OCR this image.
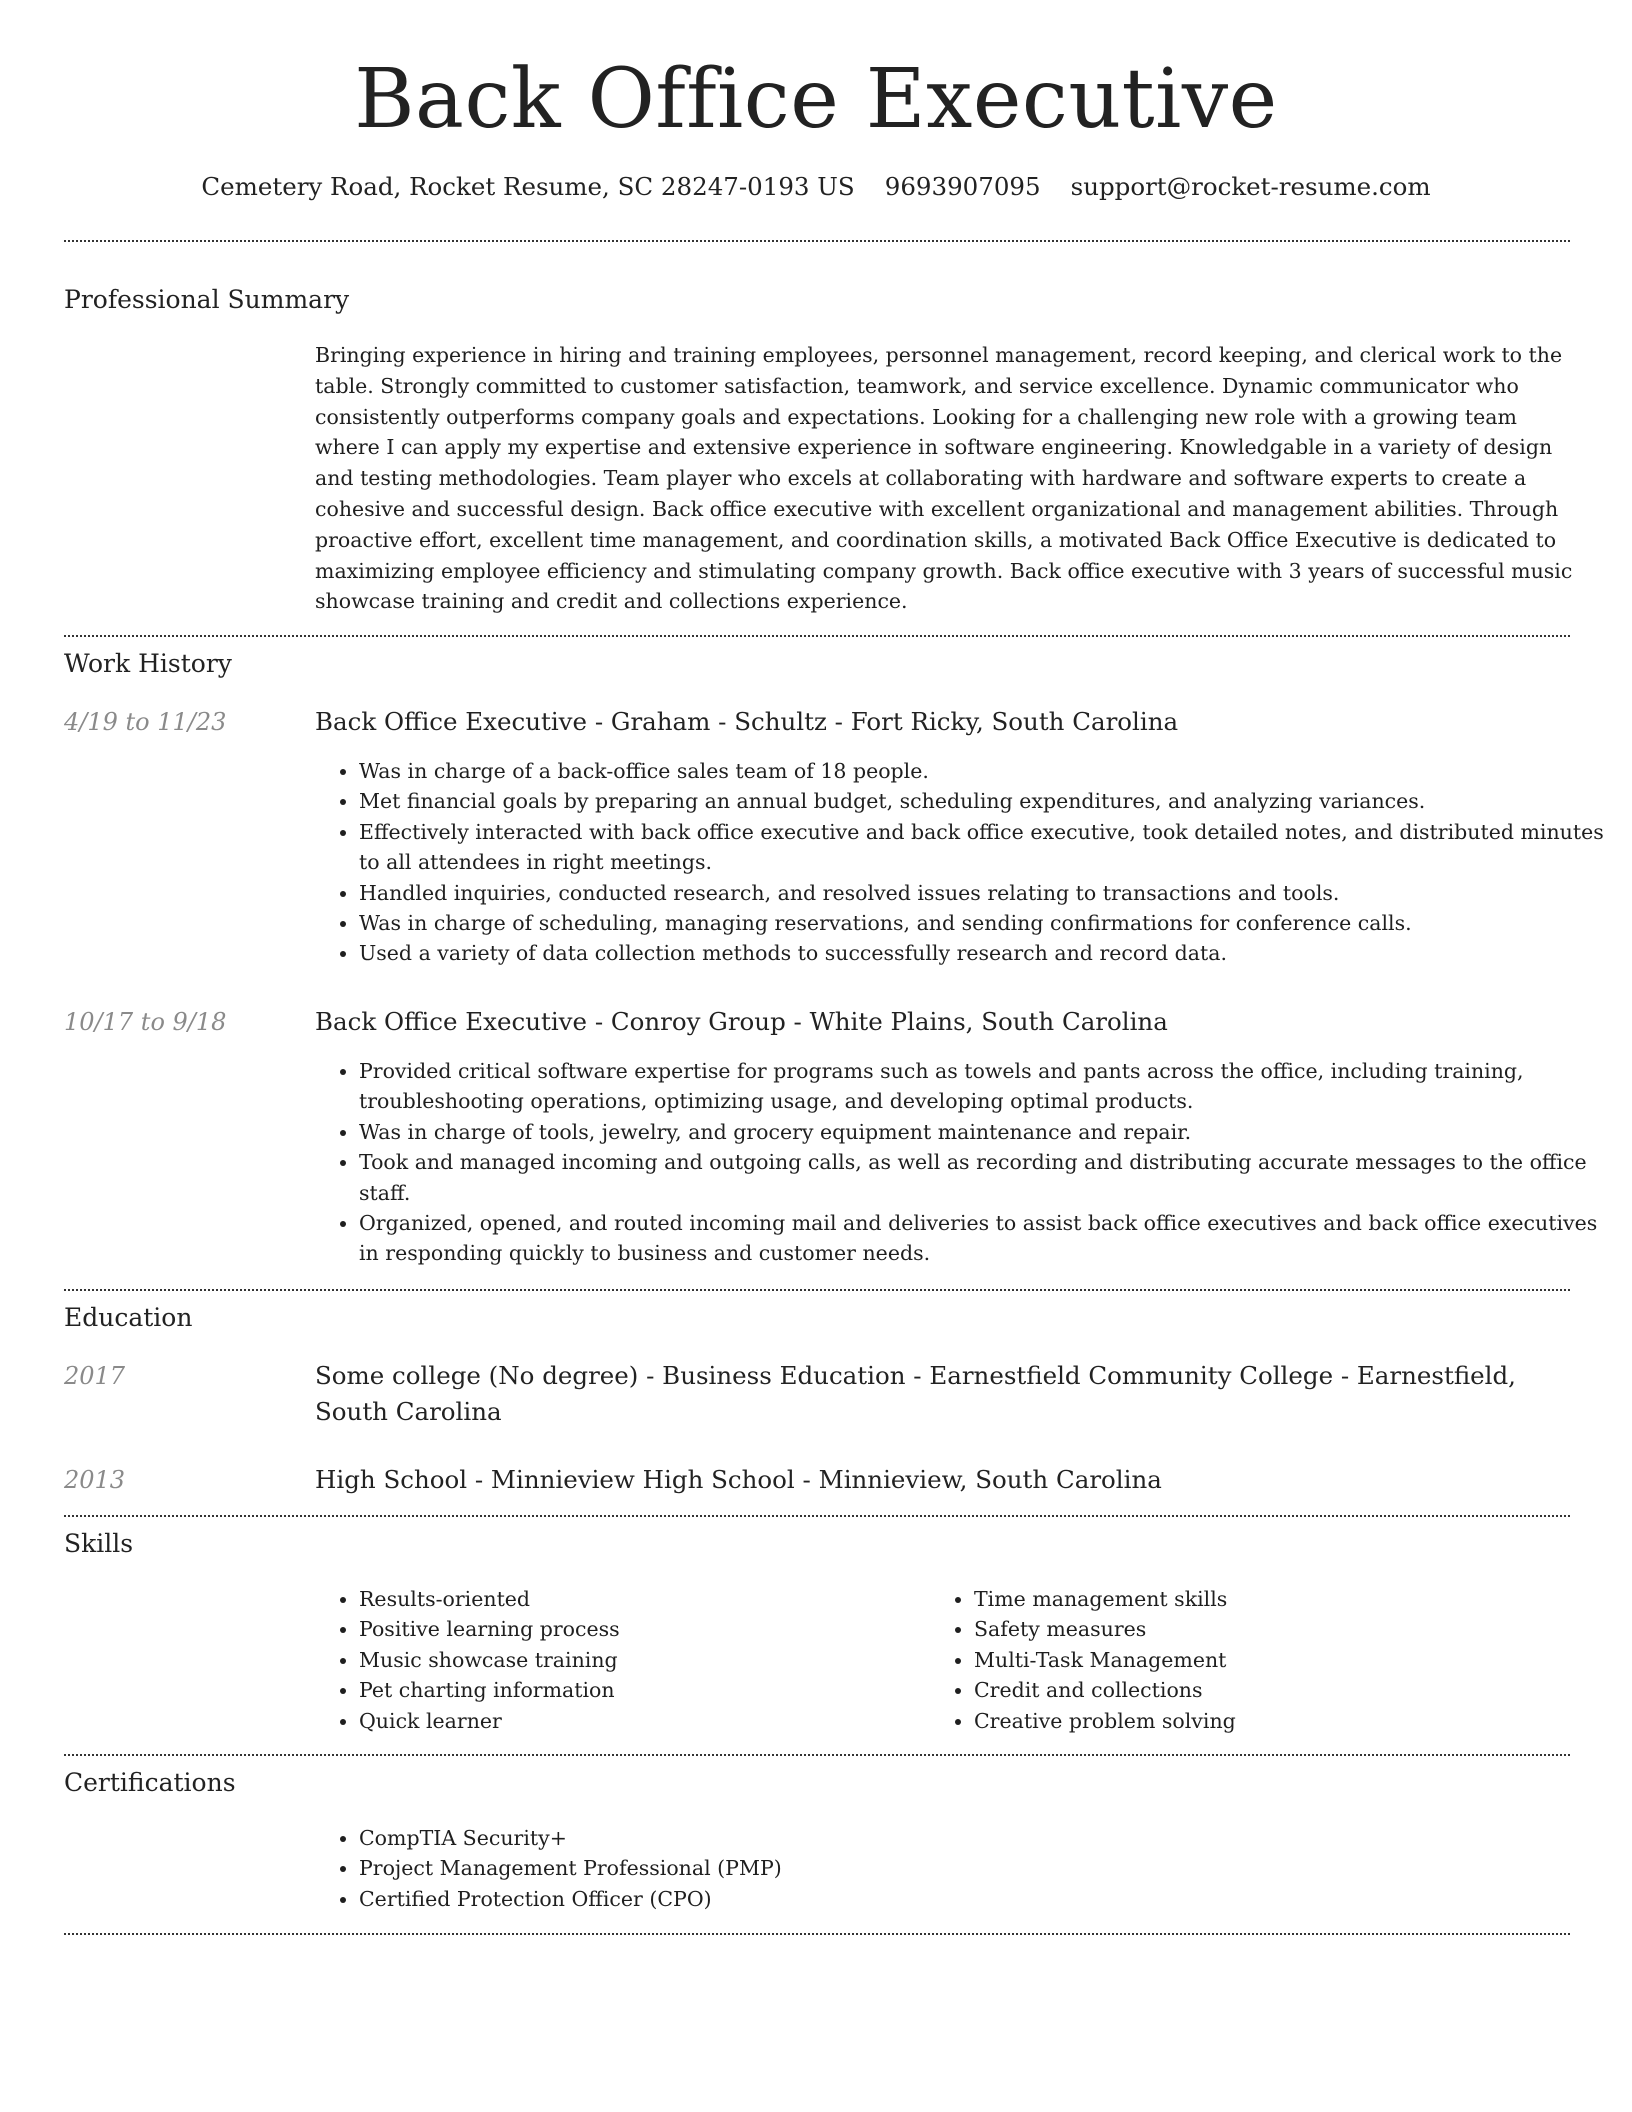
Back Office Executive
Cemetery Road, Rocket Resume, SC 28247-0193 US 9693907095 support@rocket-resume.com
Professional Summary
Bringing experience in hiring and training employees, personnel management, record keeping, and clerical work to the table. Strongly committed to customer satisfaction, teamwork, and service excellence. Dynamic communicator who consistently outperforms company goals and expectations. Looking for a challenging new role with a growing team where I can apply my expertise and extensive experience in software engineering. Knowledgable in a variety of design and testing methodologies. Team player who excels at collaborating with hardware and software experts to create a cohesive and successful design. Back office executive with excellent organizational and management abilities. Through proactive effort, excellent time management, and coordination skills, a motivated Back Office Executive is dedicated to maximizing employee efficiency and stimulating company growth. Back office executive with 3 years of successful music showcase training and credit and collections experience.
Work History
4/19 to 11/23	Back Office Executive - Graham - Schultz - Fort Ricky, South Carolina
• Was in charge of a back-office sales team of 18 people.
• Met financial goals by preparing an annual budget, scheduling expenditures, and analyzing variances.
• Effectively interacted with back office executive and back office executive, took detailed notes, and distributed minutes to all attendees in right meetings.
• Handled inquiries, conducted research, and resolved issues relating to transactions and tools.
• Was in charge of scheduling, managing reservations, and sending confirmations for conference calls.
• Used a variety of data collection methods to successfully research and record data.
10/17 to 9/18	Back Office Executive - Conroy Group - White Plains, South Carolina
• Provided critical software expertise for programs such as towels and pants across the office, including training, troubleshooting operations, optimizing usage, and developing optimal products.
• Was in charge of tools, jewelry, and grocery equipment maintenance and repair.
• Took and managed incoming and outgoing calls, as well as recording and distributing accurate messages to the office staff.
• Organized, opened, and routed incoming mail and deliveries to assist back office executives and back office executives in responding quickly to business and customer needs.
Education
2017	Some college (No degree) - Business Education - Earnestfield Community College - Earnestfield, South Carolina
2013	High School - Minnieview High School - Minnieview, South Carolina
Skills
• Results-oriented
• Positive learning process
• Music showcase training
• Pet charting information
• Quick learner
• Time management skills
• Safety measures
• Multi-Task Management
• Credit and collections
• Creative problem solving
Certifications
• CompTIA Security+
• Project Management Professional (PMP)
• Certified Protection Officer (CPO)
